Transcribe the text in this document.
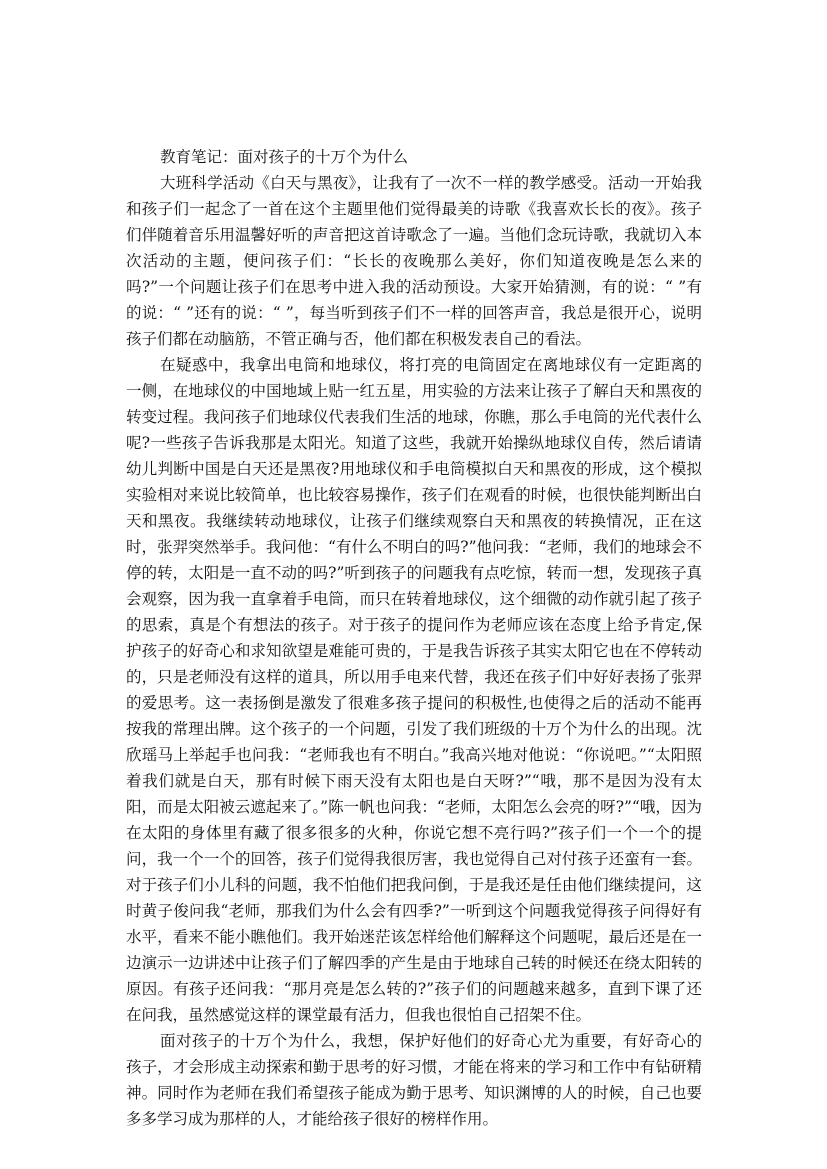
教育笔记：面对孩子的十万个为什么

大班科学活动《白天与黑夜》，让我有了一次不一样的教学感受。活动一开始我和孩子们一起念了一首在这个主题里他们觉得最美的诗歌《我喜欢长长的夜》。孩子们伴随着音乐用温馨好听的声音把这首诗歌念了一遍。当他们念玩诗歌，我就切入本次活动的主题，便问孩子们：“长长的夜晚那么美好，你们知道夜晚是怎么来的吗?”一个问题让孩子们在思考中进入我的活动预设。大家开始猜测，有的说：“ ”有的说：“ ”还有的说：“ ”，每当听到孩子们不一样的回答声音，我总是很开心，说明孩子们都在动脑筋，不管正确与否，他们都在积极发表自己的看法。

在疑惑中，我拿出电筒和地球仪，将打亮的电筒固定在离地球仪有一定距离的一侧，在地球仪的中国地域上贴一红五星，用实验的方法来让孩子了解白天和黑夜的转变过程。我问孩子们地球仪代表我们生活的地球，你瞧，那么手电筒的光代表什么呢?一些孩子告诉我那是太阳光。知道了这些，我就开始操纵地球仪自传，然后请请幼儿判断中国是白天还是黑夜?用地球仪和手电筒模拟白天和黑夜的形成，这个模拟实验相对来说比较简单，也比较容易操作，孩子们在观看的时候，也很快能判断出白天和黑夜。我继续转动地球仪，让孩子们继续观察白天和黑夜的转换情况，正在这时，张羿突然举手。我问他：“有什么不明白的吗?”他问我：“老师，我们的地球会不停的转，太阳是一直不动的吗?”听到孩子的问题我有点吃惊，转而一想，发现孩子真会观察，因为我一直拿着手电筒，而只在转着地球仪，这个细微的动作就引起了孩子的思索，真是个有想法的孩子。对于孩子的提问作为老师应该在态度上给予肯定,保护孩子的好奇心和求知欲望是难能可贵的，于是我告诉孩子其实太阳它也在不停转动的，只是老师没有这样的道具，所以用手电来代替，我还在孩子们中好好表扬了张羿的爱思考。这一表扬倒是激发了很难多孩子提问的积极性,也使得之后的活动不能再按我的常理出牌。这个孩子的一个问题，引发了我们班级的十万个为什么的出现。沈欣瑶马上举起手也问我：“老师我也有不明白。”我高兴地对他说：“你说吧。”“太阳照着我们就是白天，那有时候下雨天没有太阳也是白天呀?”“哦，那不是因为没有太阳，而是太阳被云遮起来了。”陈一帆也问我：“老师，太阳怎么会亮的呀?”“哦，因为在太阳的身体里有藏了很多很多的火种，你说它想不亮行吗?”孩子们一个一个的提问，我一个一个的回答，孩子们觉得我很厉害，我也觉得自己对付孩子还蛮有一套。对于孩子们小儿科的问题，我不怕他们把我问倒，于是我还是任由他们继续提问，这时黄子俊问我“老师，那我们为什么会有四季?”一听到这个问题我觉得孩子问得好有水平，看来不能小瞧他们。我开始迷茫该怎样给他们解释这个问题呢，最后还是在一边演示一边讲述中让孩子们了解四季的产生是由于地球自己转的时候还在绕太阳转的原因。有孩子还问我：“那月亮是怎么转的?”孩子们的问题越来越多，直到下课了还在问我，虽然感觉这样的课堂最有活力，但我也很怕自己招架不住。

面对孩子的十万个为什么，我想，保护好他们的好奇心尤为重要，有好奇心的孩子，才会形成主动探索和勤于思考的好习惯，才能在将来的学习和工作中有钻研精神。同时作为老师在我们希望孩子能成为勤于思考、知识渊博的人的时候，自己也要多多学习成为那样的人，才能给孩子很好的榜样作用。
